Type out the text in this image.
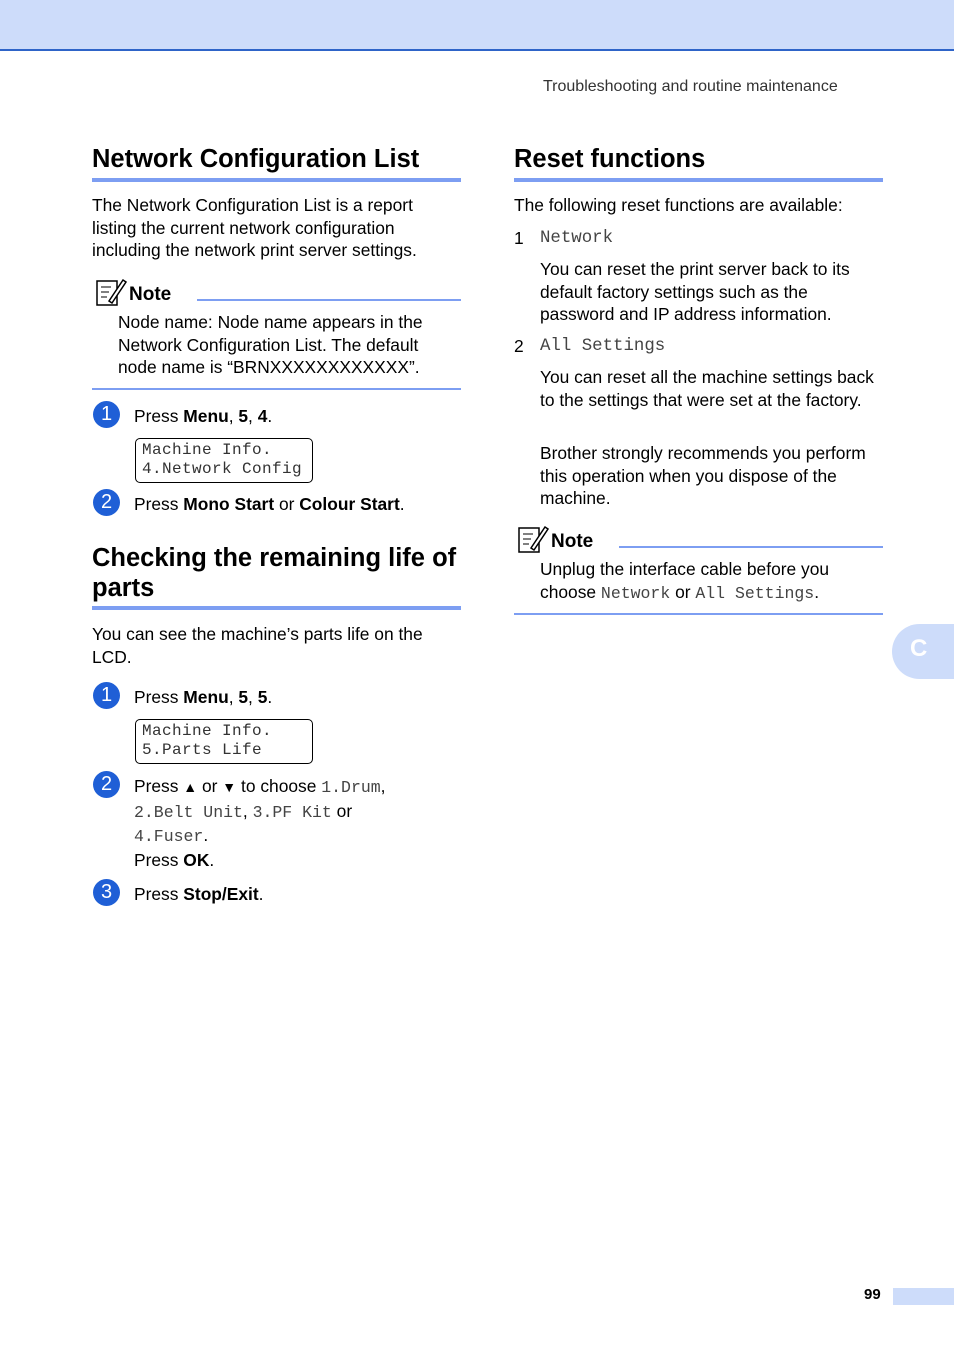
Troubleshooting and routine maintenance
Network Configuration List

The Network Configuration List is a report listing the current network configuration including the network print server settings.

Note

Node name: Node name appears in the Network Configuration List. The default node name is “BRNXXXXXXXXXXXX”.

1	Press Menu, 5, 4.

Machine Info.
4.Network Config
2	Press Mono Start or Colour Start.

Checking the remaining life of
parts

You can see the machine’s parts life on the LCD.

1	Press Menu, 5, 5.

Machine Info.
5.Parts Life
2	Press ▲ or ▼ to choose 1.Drum,
2.Belt Unit, 3.PF Kit or
4.Fuser.
Press OK.

3	Press Stop/Exit.

Reset functions

The following reset functions are available:

1 Network

You can reset the print server back to its default factory settings such as the password and IP address information.

2 All Settings

You can reset all the machine settings back to the settings that were set at the factory.

Brother strongly recommends you perform this operation when you dispose of the machine.

Note

Unplug the interface cable before you
choose Network or All Settings.

C
99
